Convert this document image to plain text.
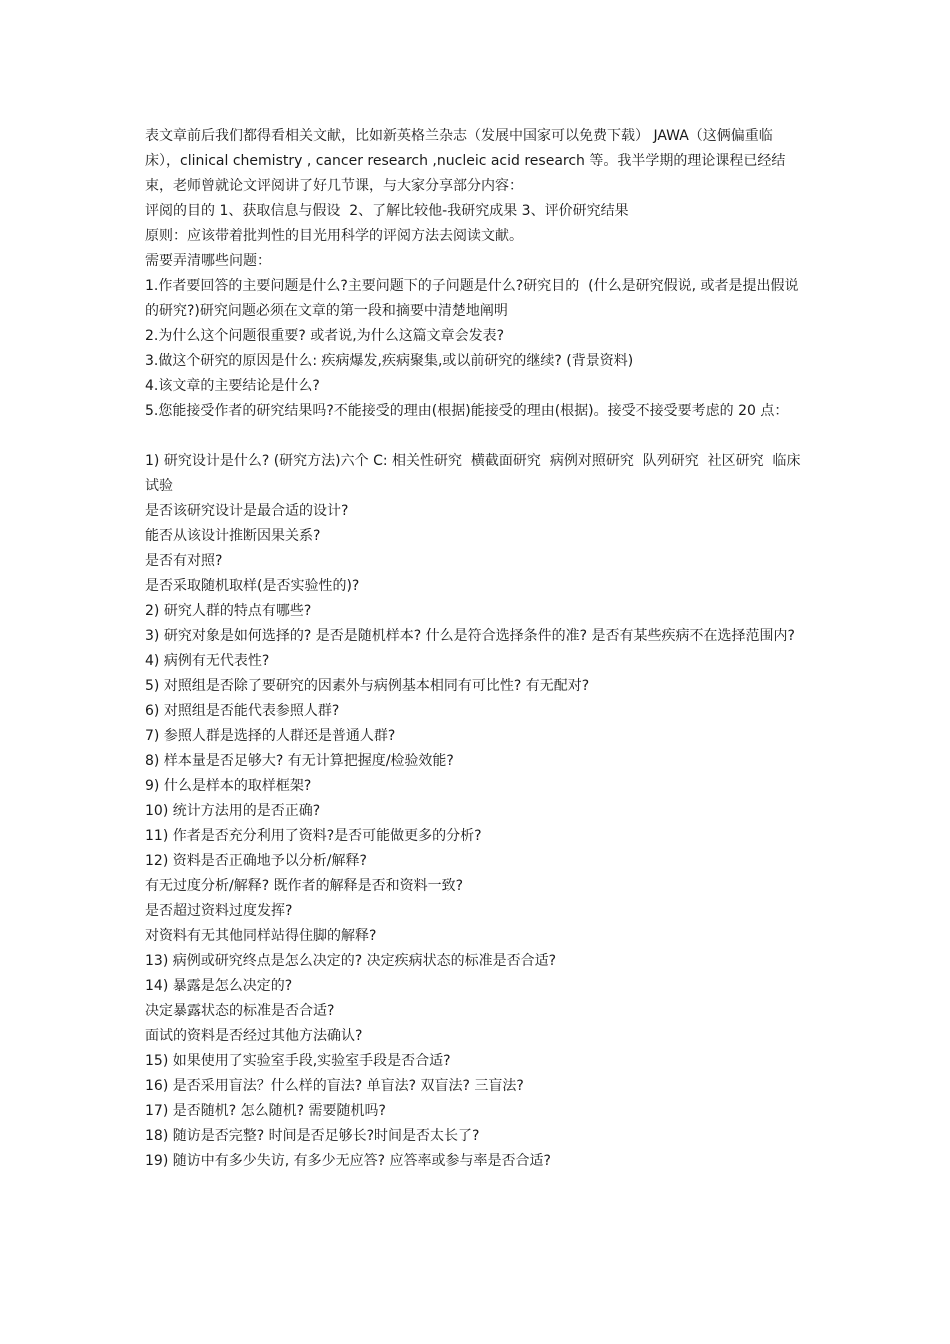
表文章前后我们都得看相关文献，比如新英格兰杂志（发展中国家可以免费下载） JAWA（这俩偏重临床），clinical chemistry , cancer research ,nucleic acid research 等。我半学期的理论课程已经结束，老师曾就论文评阅讲了好几节课，与大家分享部分内容：

评阅的目的 1、获取信息与假设  2、了解比较他-我研究成果 3、评价研究结果

原则：应该带着批判性的目光用科学的评阅方法去阅读文献。

需要弄清哪些问题：

1.作者要回答的主要问题是什么?主要问题下的子问题是什么?研究目的  (什么是研究假说, 或者是提出假说的研究?)研究问题必须在文章的第一段和摘要中清楚地阐明

2.为什么这个问题很重要? 或者说,为什么这篇文章会发表?

3.做这个研究的原因是什么: 疾病爆发,疾病聚集,或以前研究的继续? (背景资料)

4.该文章的主要结论是什么?

5.您能接受作者的研究结果吗?不能接受的理由(根据)能接受的理由(根据)。接受不接受要考虑的 20 点：

1) 研究设计是什么? (研究方法)六个 C: 相关性研究  横截面研究  病例对照研究  队列研究  社区研究  临床试验

是否该研究设计是最合适的设计?

能否从该设计推断因果关系?

是否有对照?

是否采取随机取样(是否实验性的)?

2) 研究人群的特点有哪些?

3) 研究对象是如何选择的? 是否是随机样本? 什么是符合选择条件的准? 是否有某些疾病不在选择范围内?

4) 病例有无代表性?

5) 对照组是否除了要研究的因素外与病例基本相同有可比性? 有无配对?

6) 对照组是否能代表参照人群?

7) 参照人群是选择的人群还是普通人群?

8) 样本量是否足够大? 有无计算把握度/检验效能?

9) 什么是样本的取样框架?

10) 统计方法用的是否正确?

11) 作者是否充分利用了资料?是否可能做更多的分析?

12) 资料是否正确地予以分析/解释?

有无过度分析/解释? 既作者的解释是否和资料一致?

是否超过资料过度发挥?

对资料有无其他同样站得住脚的解释?

13) 病例或研究终点是怎么决定的? 决定疾病状态的标准是否合适?

14) 暴露是怎么决定的?

决定暴露状态的标准是否合适?

面试的资料是否经过其他方法确认?

15) 如果使用了实验室手段,实验室手段是否合适?

16) 是否采用盲法？什么样的盲法? 单盲法? 双盲法? 三盲法?

17) 是否随机? 怎么随机? 需要随机吗?

18) 随访是否完整? 时间是否足够长?时间是否太长了?

19) 随访中有多少失访, 有多少无应答? 应答率或参与率是否合适?
